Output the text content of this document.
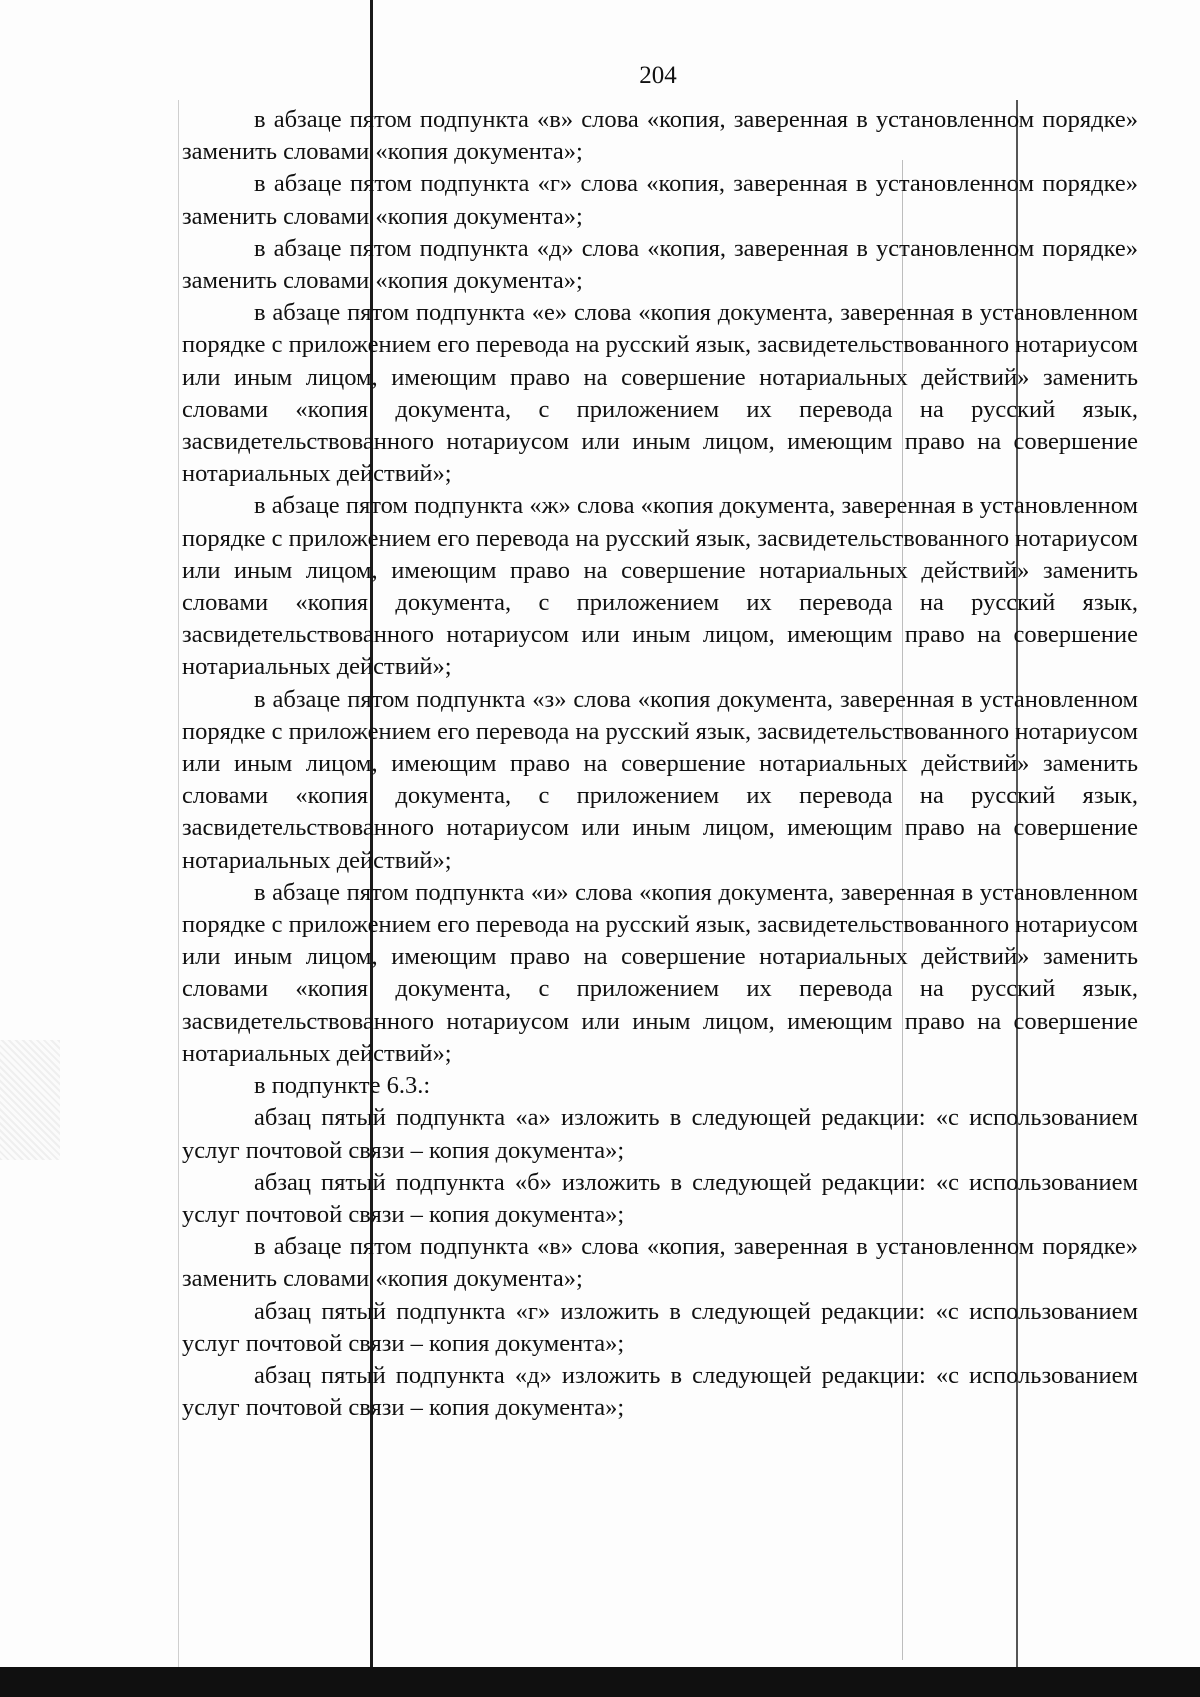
204

в абзаце пятом подпункта «в» слова «копия, заверенная в установленном порядке» заменить словами «копия документа»;

в абзаце пятом подпункта «г» слова «копия, заверенная в установленном порядке» заменить словами «копия документа»;

в абзаце пятом подпункта «д» слова «копия, заверенная в установленном порядке» заменить словами «копия документа»;

в абзаце пятом подпункта «е» слова «копия документа, заверенная в установленном порядке с приложением его перевода на русский язык, засвидетельствованного нотариусом или иным лицом, имеющим право на совершение нотариальных действий» заменить словами «копия документа, с приложением их перевода на русский язык, засвидетельствованного нотариусом или иным лицом, имеющим право на совершение нотариальных действий»;

в абзаце пятом подпункта «ж» слова «копия документа, заверенная в установленном порядке с приложением его перевода на русский язык, засвидетельствованного нотариусом или иным лицом, имеющим право на совершение нотариальных действий» заменить словами «копия документа, с приложением их перевода на русский язык, засвидетельствованного нотариусом или иным лицом, имеющим право на совершение нотариальных действий»;

в абзаце пятом подпункта «з» слова «копия документа, заверенная в установленном порядке с приложением его перевода на русский язык, засвидетельствованного нотариусом или иным лицом, имеющим право на совершение нотариальных действий» заменить словами «копия документа, с приложением их перевода на русский язык, засвидетельствованного нотариусом или иным лицом, имеющим право на совершение нотариальных действий»;

в абзаце пятом подпункта «и» слова «копия документа, заверенная в установленном порядке с приложением его перевода на русский язык, засвидетельствованного нотариусом или иным лицом, имеющим право на совершение нотариальных действий» заменить словами «копия документа, с приложением их перевода на русский язык, засвидетельствованного нотариусом или иным лицом, имеющим право на совершение нотариальных действий»;

в подпункте 6.3.:

абзац пятый подпункта «а» изложить в следующей редакции: «с использованием услуг почтовой связи – копия документа»;

абзац пятый подпункта «б» изложить в следующей редакции: «с использованием услуг почтовой связи – копия документа»;

в абзаце пятом подпункта «в» слова «копия, заверенная в установленном порядке» заменить словами «копия документа»;

абзац пятый подпункта «г» изложить в следующей редакции: «с использованием услуг почтовой связи – копия документа»;

абзац пятый подпункта «д» изложить в следующей редакции: «с использованием услуг почтовой связи – копия документа»;
